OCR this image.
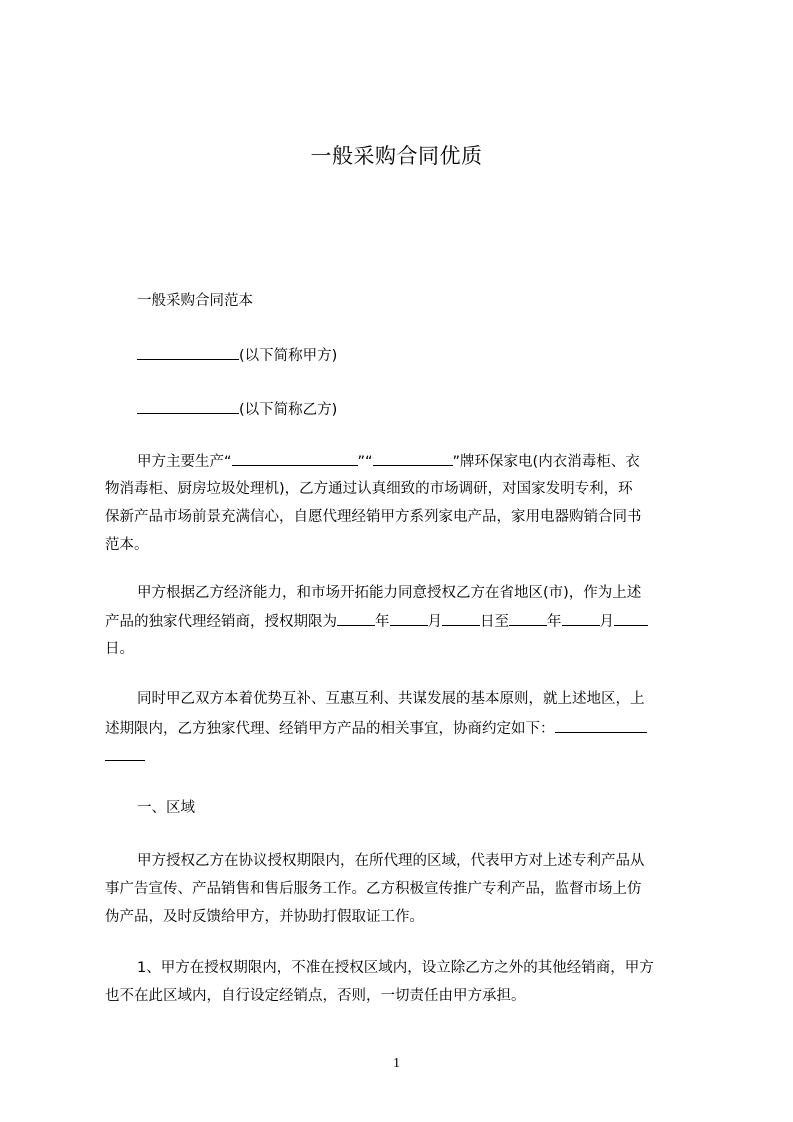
一般采购合同优质
一般采购合同范本
(以下简称甲方)
(以下简称乙方)
甲方主要生产“	”“	”牌环保家电(内衣消毒柜、衣
物消毒柜、厨房垃圾处理机)，乙方通过认真细致的市场调研，对国家发明专利，环
保新产品市场前景充满信心，自愿代理经销甲方系列家电产品，家用电器购销合同书
范本。
甲方根据乙方经济能力，和市场开拓能力同意授权乙方在省地区(市)，作为上述
产品的独家代理经销商，授权期限为	年	月	日至	年	月
日。
同时甲乙双方本着优势互补、互惠互利、共谋发展的基本原则，就上述地区，上
述期限内，乙方独家代理、经销甲方产品的相关事宜，协商约定如下：
一、区域
甲方授权乙方在协议授权期限内，在所代理的区域，代表甲方对上述专利产品从
事广告宣传、产品销售和售后服务工作。乙方积极宣传推广专利产品，监督市场上仿
伪产品，及时反馈给甲方，并协助打假取证工作。
1、甲方在授权期限内，不准在授权区域内，设立除乙方之外的其他经销商，甲方
也不在此区域内，自行设定经销点，否则，一切责任由甲方承担。
1
